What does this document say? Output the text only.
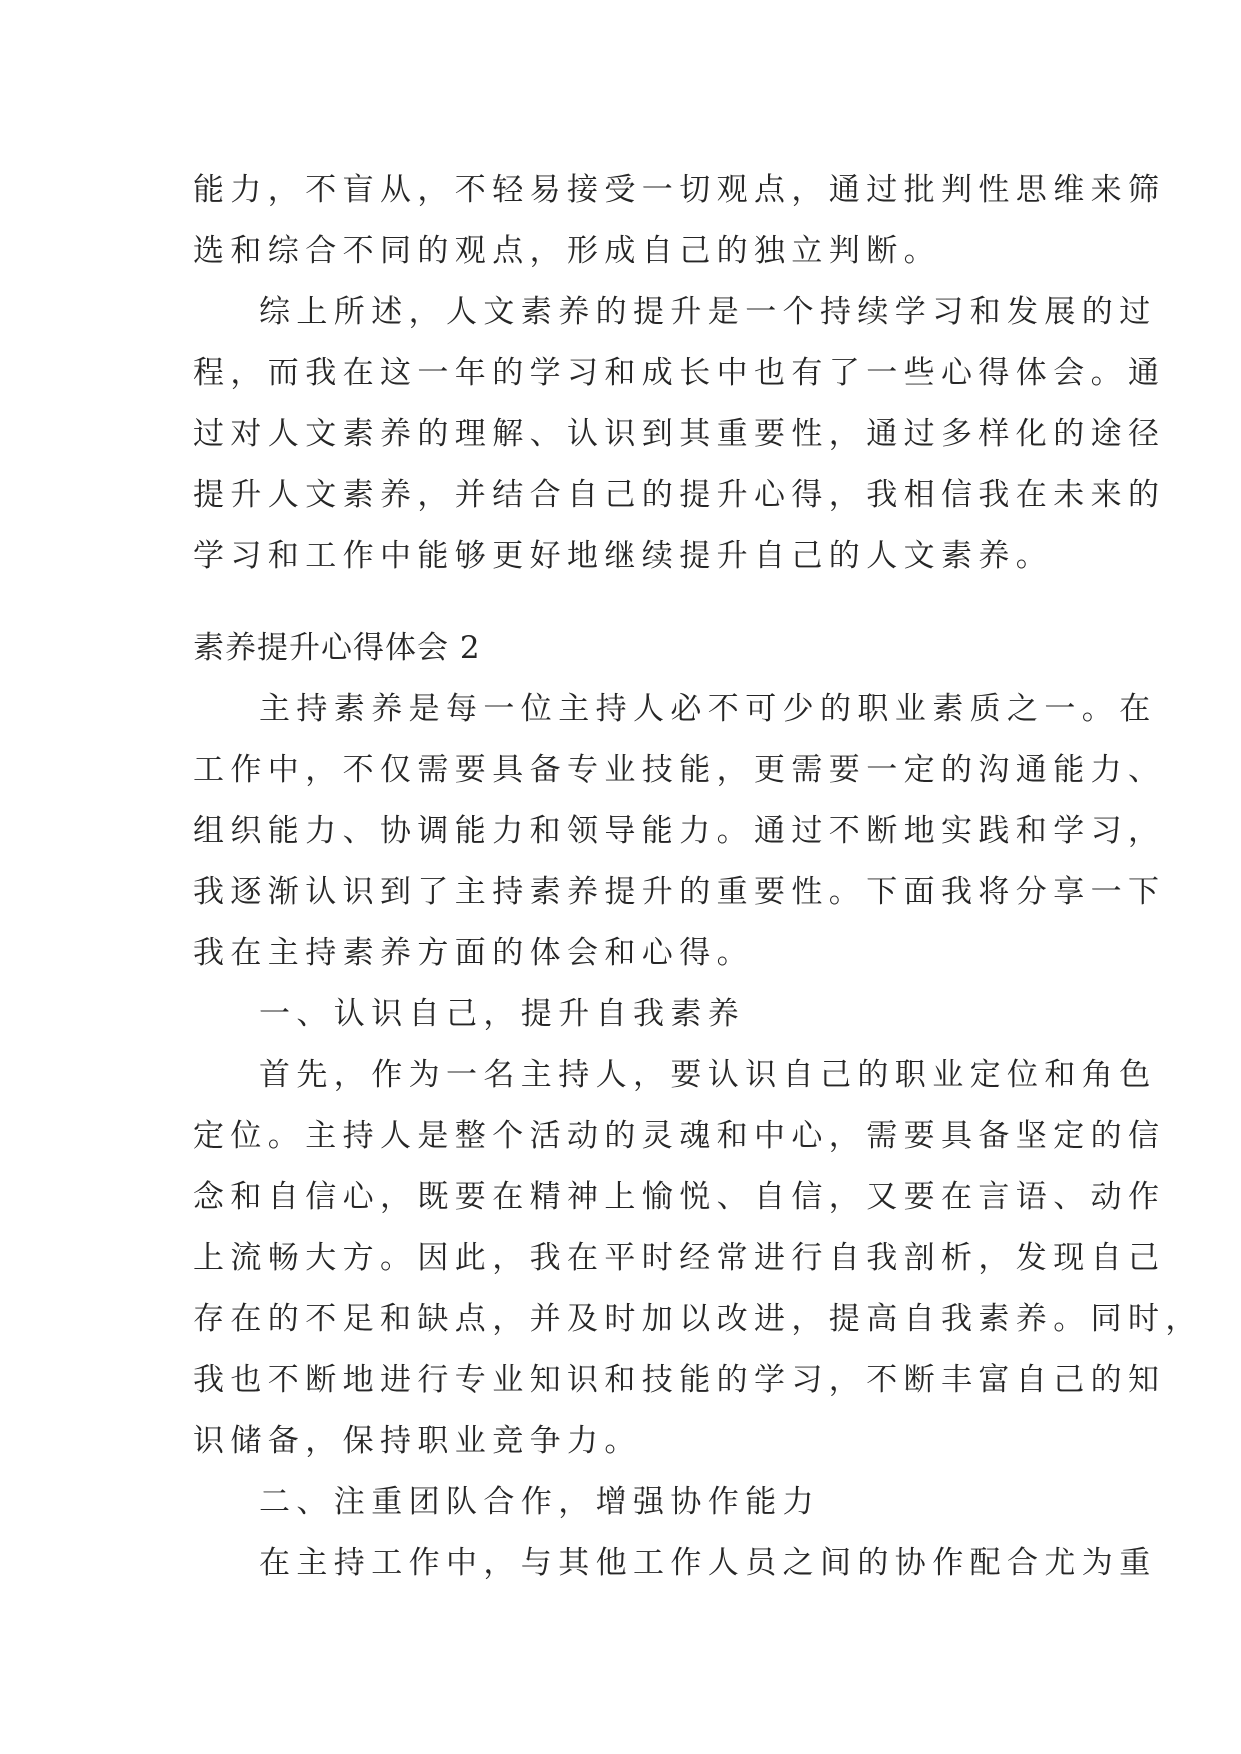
能力，不盲从，不轻易接受一切观点，通过批判性思维来筛
选和综合不同的观点，形成自己的独立判断。
综上所述，人文素养的提升是一个持续学习和发展的过
程，而我在这一年的学习和成长中也有了一些心得体会。通
过对人文素养的理解、认识到其重要性，通过多样化的途径
提升人文素养，并结合自己的提升心得，我相信我在未来的
学习和工作中能够更好地继续提升自己的人文素养。
素养提升心得体会 2
主持素养是每一位主持人必不可少的职业素质之一。在
工作中，不仅需要具备专业技能，更需要一定的沟通能力、
组织能力、协调能力和领导能力。通过不断地实践和学习，
我逐渐认识到了主持素养提升的重要性。下面我将分享一下
我在主持素养方面的体会和心得。
一、认识自己，提升自我素养
首先，作为一名主持人，要认识自己的职业定位和角色
定位。主持人是整个活动的灵魂和中心，需要具备坚定的信
念和自信心，既要在精神上愉悦、自信，又要在言语、动作
上流畅大方。因此，我在平时经常进行自我剖析，发现自己
存在的不足和缺点，并及时加以改进，提高自我素养。同时，
我也不断地进行专业知识和技能的学习，不断丰富自己的知
识储备，保持职业竞争力。
二、注重团队合作，增强协作能力
在主持工作中，与其他工作人员之间的协作配合尤为重
